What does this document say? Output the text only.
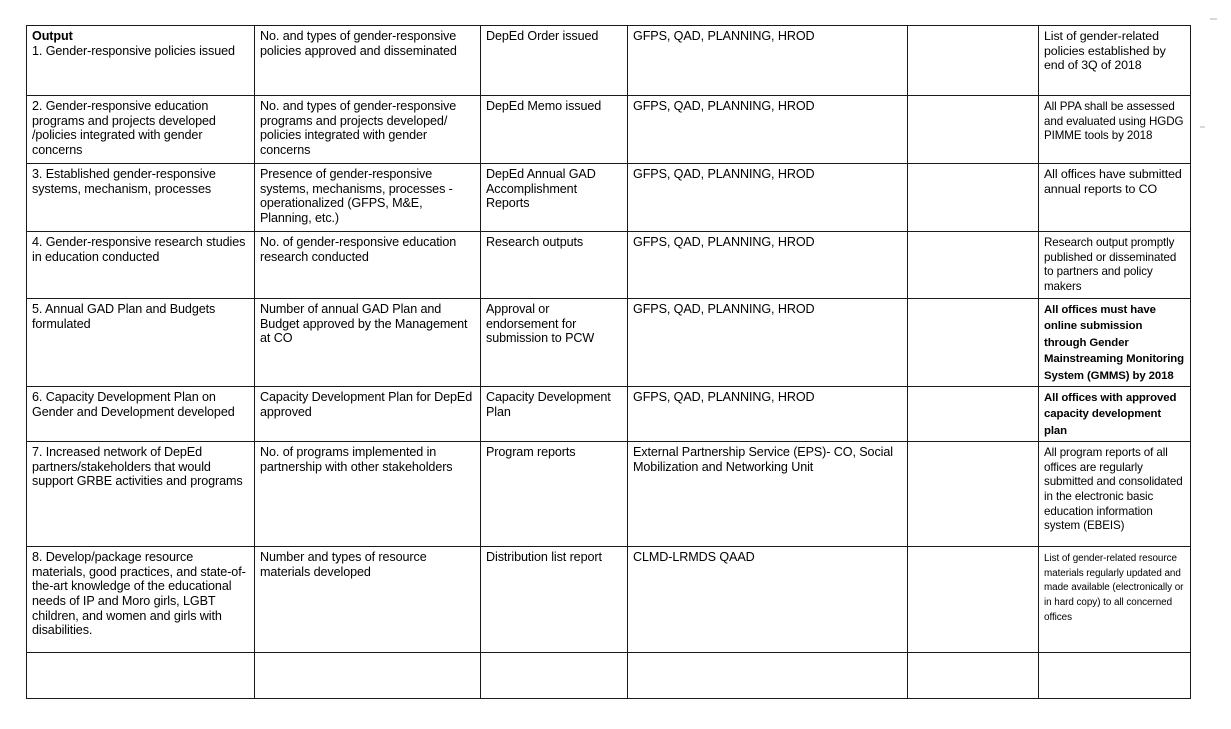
Output
1. Gender-responsive policies issued	No. and types of gender-responsive policies approved and disseminated	DepEd Order issued	GFPS, QAD, PLANNING, HROD		List of gender-related policies established by end of 3Q of 2018
2. Gender-responsive education programs and projects developed /policies integrated with gender concerns	No. and types of gender-responsive programs and projects developed/ policies integrated with gender concerns	DepEd Memo issued	GFPS, QAD, PLANNING, HROD		All PPA shall be assessed and evaluated using HGDG PIMME tools by 2018
3. Established gender-responsive systems, mechanism, processes	Presence of gender-responsive systems, mechanisms, processes - operationalized (GFPS, M&E, Planning, etc.)	DepEd Annual GAD Accomplishment Reports	GFPS, QAD, PLANNING, HROD		All offices have submitted annual reports to CO
4. Gender-responsive research studies in education conducted	No. of gender-responsive education research conducted	Research outputs	GFPS, QAD, PLANNING, HROD		Research output promptly published or disseminated to partners and policy makers
5. Annual GAD Plan and Budgets formulated	Number of annual GAD Plan and Budget approved by the Management at CO	Approval or endorsement for submission to PCW	GFPS, QAD, PLANNING, HROD		All offices must have online submission through Gender Mainstreaming Monitoring System (GMMS) by 2018
6. Capacity Development Plan on Gender and Development developed	Capacity Development Plan for DepEd approved	Capacity Development Plan	GFPS, QAD, PLANNING, HROD		All offices with approved capacity development plan
7. Increased network of DepEd partners/stakeholders that would support GRBE activities and programs	No. of programs implemented in partnership with other stakeholders	Program reports	External Partnership Service (EPS)- CO, Social Mobilization and Networking Unit		All program reports of all offices are regularly submitted and consolidated in the electronic basic education information system (EBEIS)
8. Develop/package resource materials, good practices, and state-of-the-art knowledge of the educational needs of IP and Moro girls, LGBT children, and women and girls with disabilities.	Number and types of resource materials developed	Distribution list report	CLMD-LRMDS QAAD		List of gender-related resource materials regularly updated and made available (electronically or in hard copy) to all concerned offices
